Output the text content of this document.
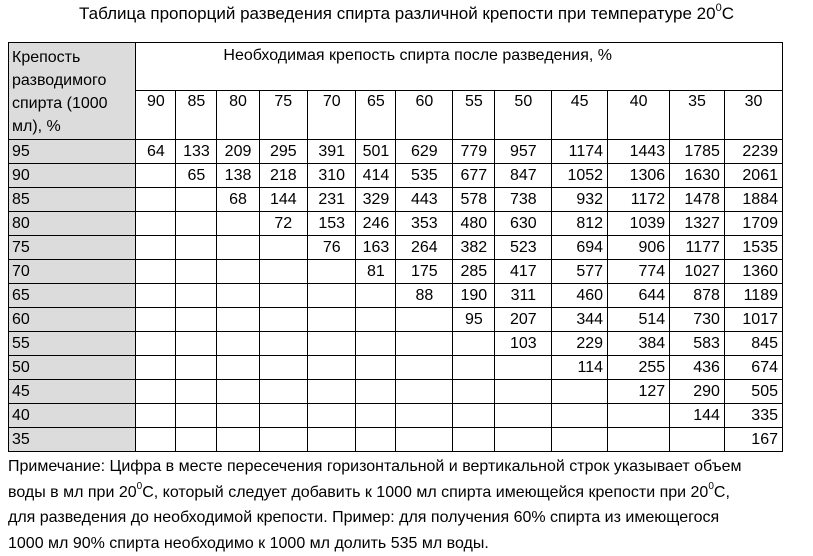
Таблица пропорций разведения спирта различной крепости при температуре $20^0С$
Крепость разводимого спирта (1000 мл), %	Необходимая крепость спирта после разведения, %												
	90	85	80	75	70	65	60	55	50	45	40	35	30
95	64	133	209	295	391	501	629	779	957	1174	1443	1785	2239
90		65	138	218	310	414	535	677	847	1052	1306	1630	2061
85			68	144	231	329	443	578	738	932	1172	1478	1884
80				72	153	246	353	480	630	812	1039	1327	1709
75					76	163	264	382	523	694	906	1177	1535
70						81	175	285	417	577	774	1027	1360
65							88	190	311	460	644	878	1189
60								95	207	344	514	730	1017
55									103	229	384	583	845
50										114	255	436	674
45											127	290	505
40												144	335
35													167
Примечание: Цифра в месте пересечения горизонтальной и вертикальной строк указывает объем
воды в мл при $20^0С$, который следует добавить к 1000 мл спирта имеющейся крепости при $20^0С$,
для разведения до необходимой крепости. Пример: для получения 60% спирта из имеющегося
1000 мл 90% спирта необходимо к 1000 мл долить 535 мл воды.
